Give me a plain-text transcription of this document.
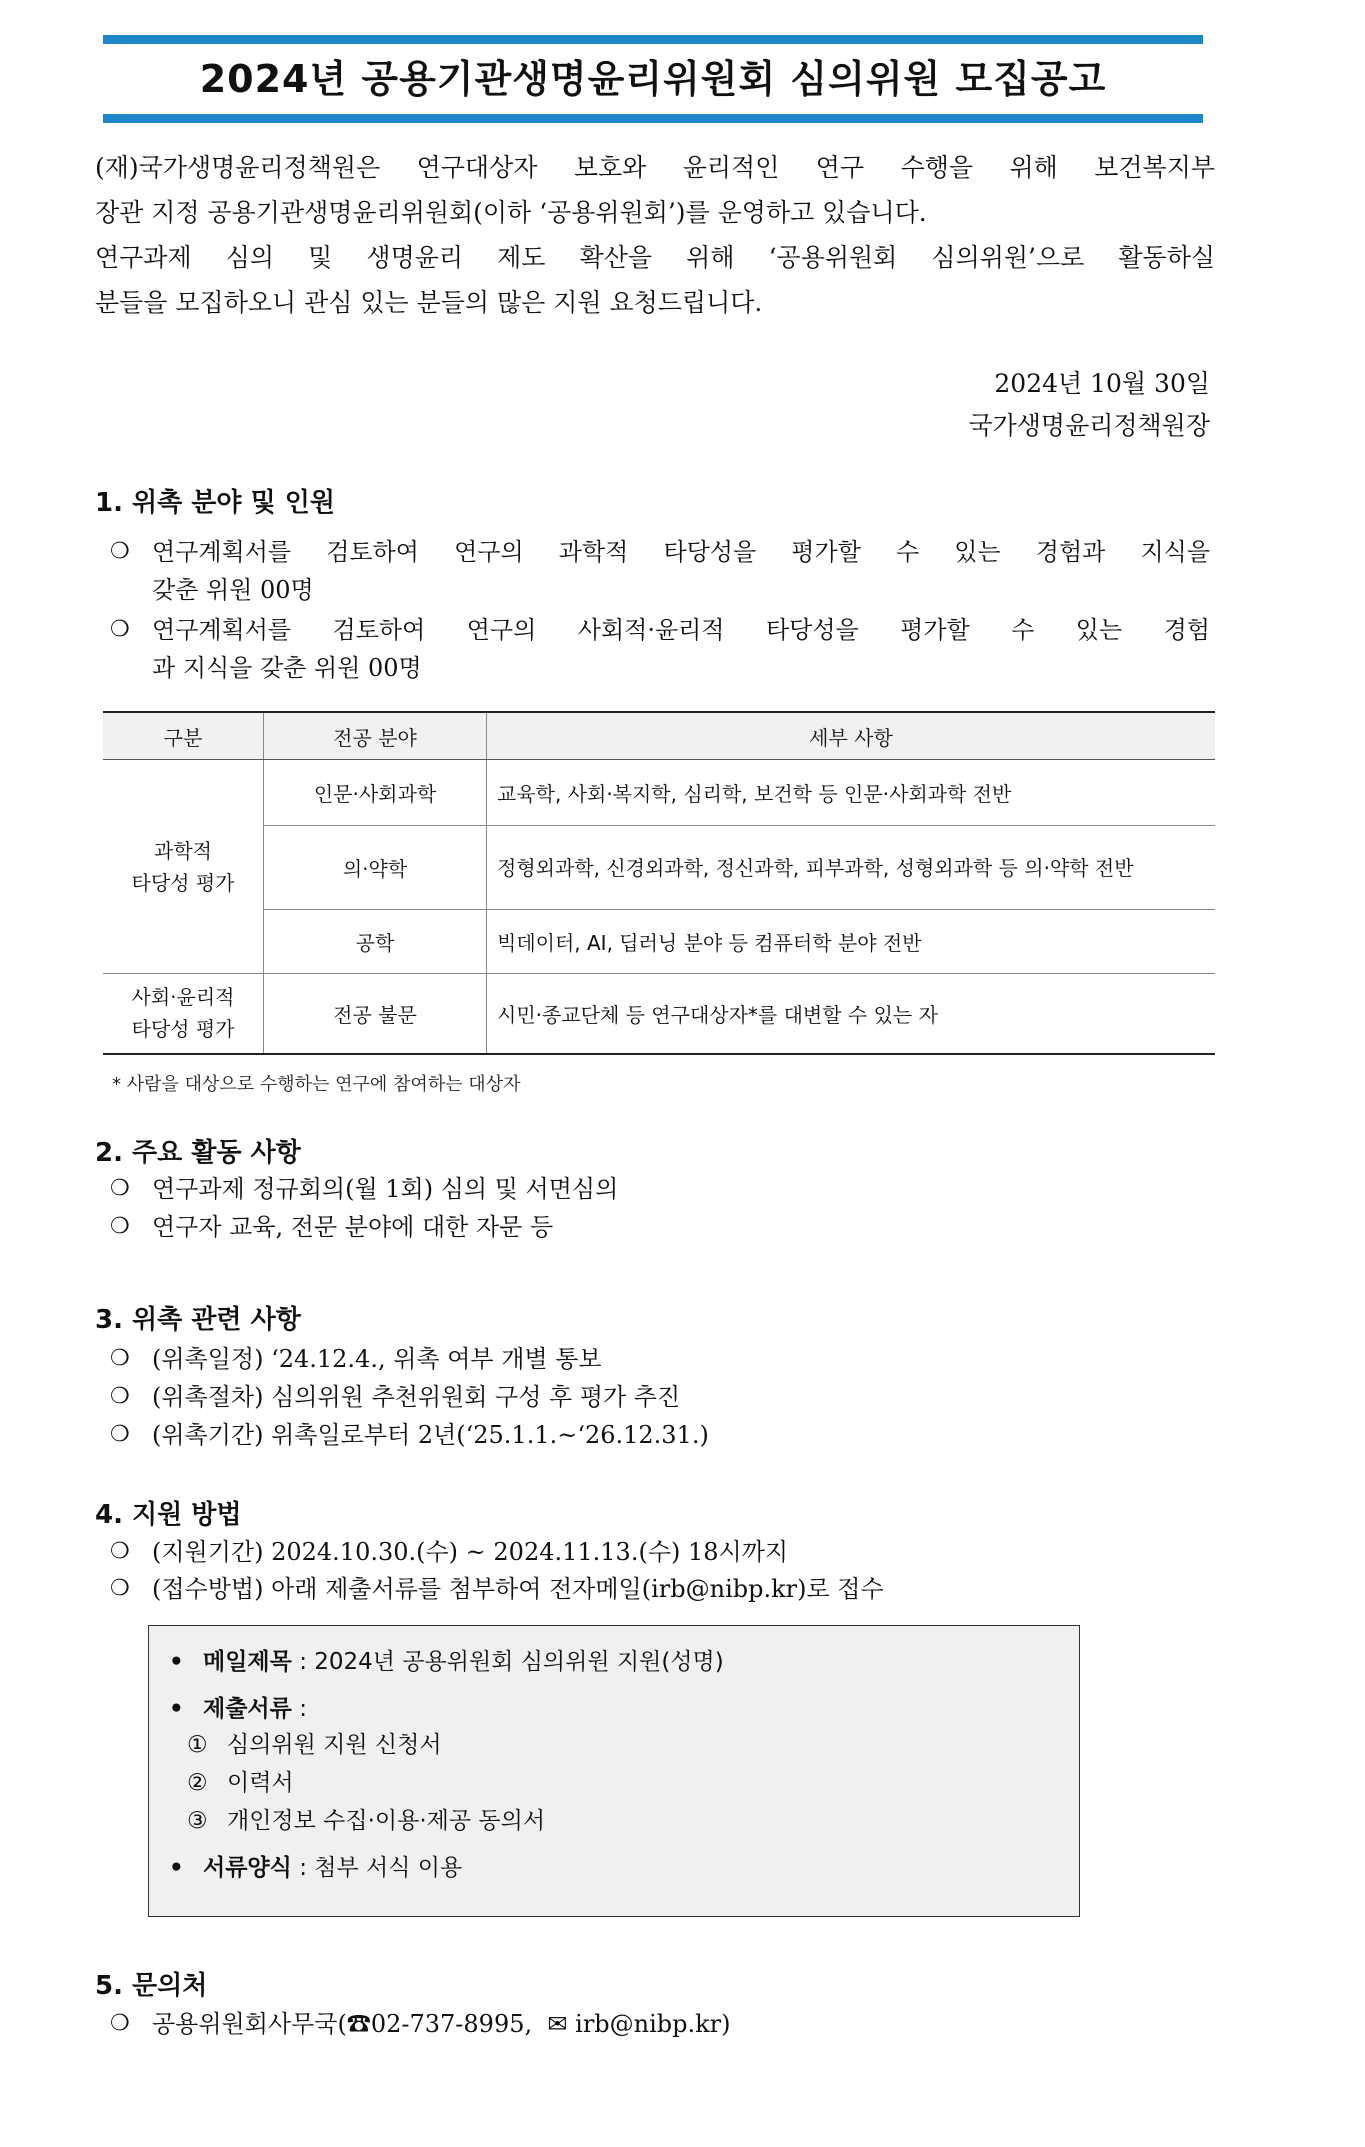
2024년 공용기관생명윤리위원회 심의위원 모집공고

(재)국가생명윤리정책원은 연구대상자 보호와 윤리적인 연구 수행을 위해 보건복지부

장관 지정 공용기관생명윤리위원회(이하 ‘공용위원회’)를 운영하고 있습니다.

연구과제 심의 및 생명윤리 제도 확산을 위해 ‘공용위원회 심의위원’으로 활동하실

분들을 모집하오니 관심 있는 분들의 많은 지원 요청드립니다.

2024년 10월 30일
국가생명윤리정책원장
1. 위촉 분야 및 인원
❍ 연구계획서를 검토하여 연구의 과학적 타당성을 평가할 수 있는 경험과 지식을
갖춘 위원 00명
❍ 연구계획서를 검토하여 연구의 사회적·윤리적 타당성을 평가할 수 있는 경험
과 지식을 갖춘 위원 00명
구분	전공 분야	세부 사항
과학적
타당성 평가	인문·사회과학	교육학, 사회·복지학, 심리학, 보건학 등 인문·사회과학 전반
	의·약학	정형외과학, 신경외과학, 정신과학, 피부과학, 성형외과학 등 의·약학 전반
	공학	빅데이터, AI, 딥러닝 분야 등 컴퓨터학 분야 전반
사회·윤리적
타당성 평가	전공 불문	시민·종교단체 등 연구대상자*를 대변할 수 있는 자
* 사람을 대상으로 수행하는 연구에 참여하는 대상자
2. 주요 활동 사항
❍ 연구과제 정규회의(월 1회) 심의 및 서면심의
❍ 연구자 교육, 전문 분야에 대한 자문 등
3. 위촉 관련 사항
❍ (위촉일정) ‘24.12.4., 위촉 여부 개별 통보
❍ (위촉절차) 심의위원 추천위원회 구성 후 평가 추진
❍ (위촉기간) 위촉일로부터 2년(‘25.1.1.~‘26.12.31.)
4. 지원 방법
❍ (지원기간) 2024.10.30.(수) ~ 2024.11.13.(수) 18시까지
❍ (접수방법) 아래 제출서류를 첨부하여 전자메일(irb@nibp.kr)로 접수
• 메일제목 : 2024년 공용위원회 심의위원 지원(성명)
• 제출서류 :
① 심의위원 지원 신청서
② 이력서
③ 개인정보 수집·이용·제공 동의서
• 서류양식 : 첨부 서식 이용
5. 문의처
❍ 공용위원회사무국(☎02-737-8995, ✉ irb@nibp.kr)
